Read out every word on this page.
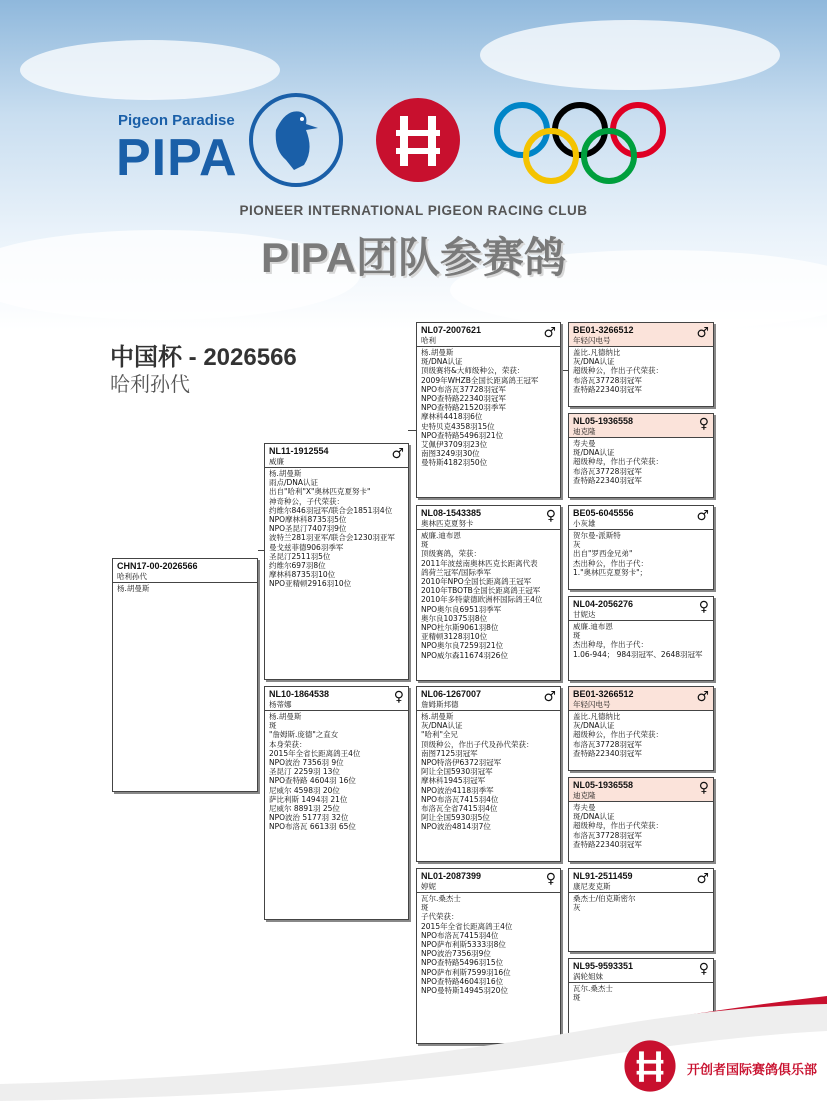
Pigeon Paradise
PIPA
PIONEER INTERNATIONAL PIGEON RACING CLUB
PIPA团队参赛鸽
中国杯 - 2026566
哈利孙代
CHN17-00-2026566
哈利孙代
杨.胡曼斯
NL11-1912554
威廉	♂
杨.胡曼斯
雨点/DNA认证
出自"哈利"X"奥林匹克夏努卡"
神奇种公，子代荣获：
约维尔846羽冠军/联合会1851羽4位
NPO摩林科8735羽5位
NPO圣昆汀7407羽9位
波特兰281羽亚军/联合会1230羽亚军
曼戈兹菲德906羽季军
圣昆汀2511羽5位
约维尔697羽8位
摩林科8735羽10位
NPO亚精顿2916羽10位
NL10-1864538
杨蒂娜	♀
杨.胡曼斯
斑
"詹姆斯.庞德"之直女
本身荣获：
2015年全省长距离鸽王4位
NPO波治 7356羽 9位
圣昆汀 2259羽 13位
NPO查特路 4604羽 16位
尼威尔 4598羽 20位
萨比利斯 1494羽 21位
尼威尔 8891羽 25位
NPO波治 5177羽 32位
NPO布洛瓦 6613羽 65位
NL07-2007621
哈利	♂
杨.胡曼斯
斑/DNA认证
顶级赛将&大师级种公，荣获：
2009年WHZB全国长距离鸽王冠军
NPO布洛瓦37728羽冠军
NPO查特路22340羽冠军
NPO查特路21520羽季军
摩林科4418羽6位
史特贝克4358羽15位
NPO查特路5496羽21位
艾佩伊3709羽23位
南图3249羽30位
曼特斯4182羽50位
NL08-1543385
奥林匹克夏努卡	♀
威廉.迪布恩
斑
顶级赛鸽，荣获：
2011年波兹南奥林匹克长距离代表
鸽荷兰冠军/国际季军
2010年NPO全国长距离鸽王冠军
2010年TBOTB全国长距离鸽王冠军
2010年多特蒙德欧洲杯国际鸽王4位
NPO奥尔良6951羽季军
奥尔良10375羽8位
NPO杜尔斯9061羽8位
亚精顿3128羽10位
NPO奥尔良7259羽21位
NPO威尔森11674羽26位
NL06-1267007
詹姆斯邦德	♂
杨.胡曼斯
灰/DNA认证
"哈利"全兄
顶级种公，作出子代及孙代荣获：
南图7125羽冠军
NPO特洛伊6372羽冠军
阿让全国5930羽冠军
摩林科1945羽冠军
NPO波治4118羽季军
NPO布洛瓦7415羽4位
布洛瓦全省7415羽4位
阿让全国5930羽5位
NPO波治4814羽7位
NL01-2087399
婷妮	♀
瓦尔.桑杰士
斑
子代荣获：
2015年全省长距离鸽王4位
NPO布洛瓦7415羽4位
NPO萨布利斯5333羽8位
NPO波治7356羽9位
NPO查特路5496羽15位
NPO萨布利斯7599羽16位
NPO查特路4604羽16位
NPO曼特斯14945羽20位
BE01-3266512
年轻闪电号	♂
盖比.凡德纳比
灰/DNA认证
超级种公，作出子代荣获：
布洛瓦37728羽冠军
查特路22340羽冠军
NL05-1936558
迪克隆	♀
寿夫曼
斑/DNA认证
超级种母，作出子代荣获：
布洛瓦37728羽冠军
查特路22340羽冠军
BE05-6045556
小灰雄	♂
贺尔曼-派斯特
灰
出自"罗西金兄弟"
杰出种公，作出子代：
1."奥林匹克夏努卡"；
NL04-2056276
甘妮达	♀
威廉.迪布恩
斑
杰出种母，作出子代：
1.06-944； 984羽冠军、2648羽冠军
BE01-3266512
年轻闪电号	♂
盖比.凡德纳比
灰/DNA认证
超级种公，作出子代荣获：
布洛瓦37728羽冠军
查特路22340羽冠军
NL05-1936558
迪克隆	♀
寿夫曼
斑/DNA认证
超级种母，作出子代荣获：
布洛瓦37728羽冠军
查特路22340羽冠军
NL91-2511459
康尼麦克斯	♂
桑杰士/伯克斯密尔
灰
NL95-9593351
涡轮姐妹	♀
瓦尔.桑杰士
斑
开创者国际赛鸽俱乐部
